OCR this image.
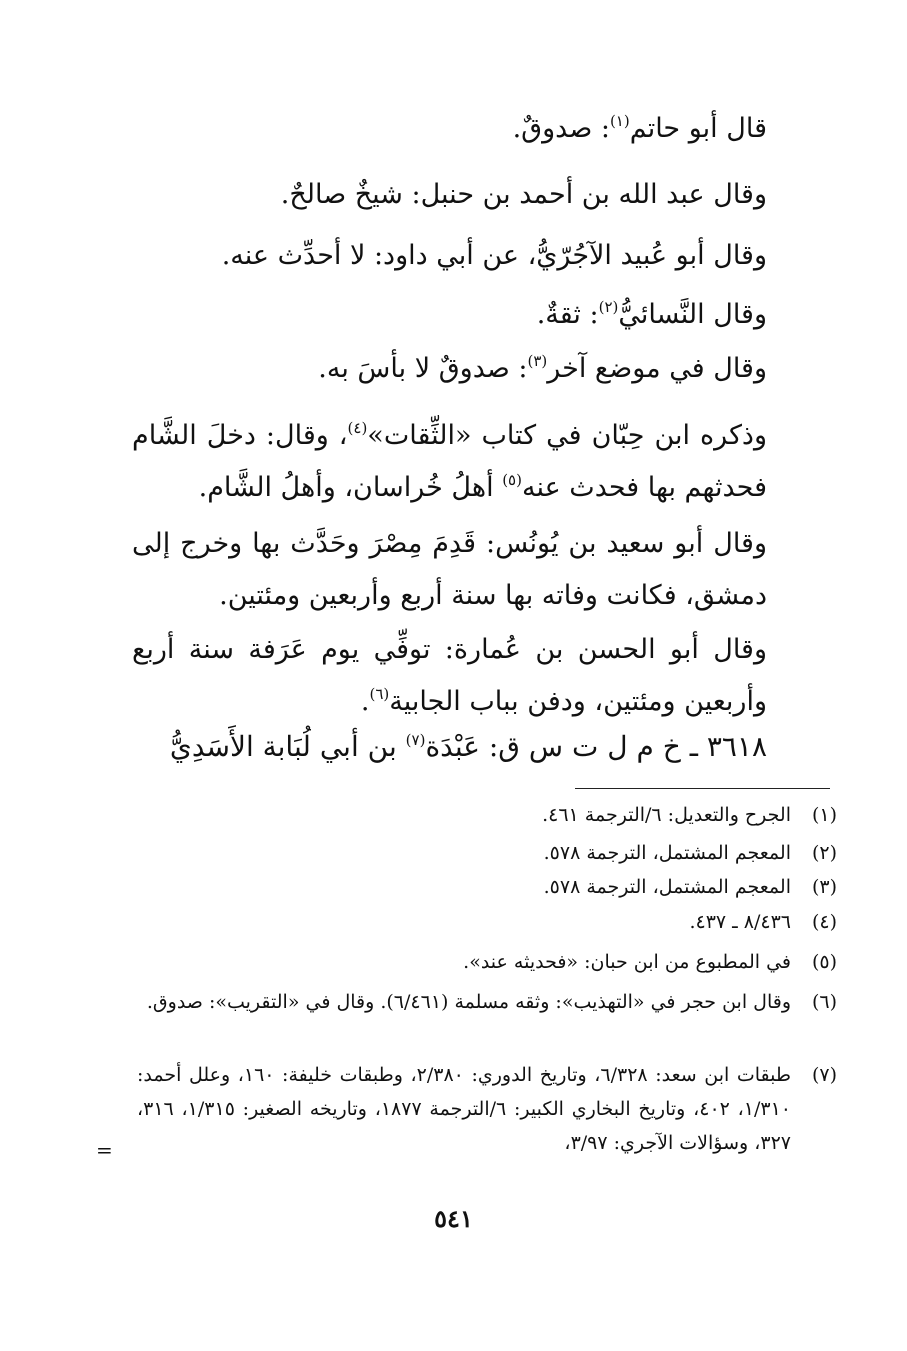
قال أبو حاتم$^{(١)}$: صدوقٌ.
وقال عبد الله بن أحمد بن حنبل: شيخٌ صالحٌ.
وقال أبو عُبيد الآجُرّيُّ، عن أبي داود: لا أحدِّث عنه.
وقال النَّسائيُّ$^{(٢)}$: ثقةٌ.
وقال في موضع آخر$^{(٣)}$: صدوقٌ لا بأسَ به.
وذكره ابن حِبّان في كتاب «الثِّقات»$^{(٤)}$، وقال: دخلَ الشَّام فحدثهم بها فحدث عنه$^{(٥)}$ أهلُ خُراسان، وأهلُ الشَّام.
وقال أبو سعيد بن يُونُس: قَدِمَ مِصْرَ وحَدَّث بها وخرج إلى دمشق، فكانت وفاته بها سنة أربع وأربعين ومئتين.
وقال أبو الحسن بن عُمارة: توفِّي يوم عَرَفة سنة أربع وأربعين ومئتين، ودفن بباب الجابية$^{(٦)}$.
٣٦١٨ ـ خ م ل ت س ق: عَبْدَة$^{(٧)}$ بن أبي لُبَابة الأَسَدِيُّ
(١)
الجرح والتعديل: ٦/الترجمة ٤٦١.
(٢)
المعجم المشتمل، الترجمة ٥٧٨.
(٣)
المعجم المشتمل، الترجمة ٥٧٨.
(٤)
٨/٤٣٦ ـ ٤٣٧.
(٥)
في المطبوع من ابن حبان: «فحديثه عند».
(٦)
وقال ابن حجر في «التهذيب»: وثقه مسلمة (٦/٤٦١). وقال في «التقريب»: صدوق.
(٧)
طبقات ابن سعد: ٦/٣٢٨، وتاريخ الدوري: ٢/٣٨٠، وطبقات خليفة: ١٦٠، وعلل أحمد: ١/٣١٠، ٤٠٢، وتاريخ البخاري الكبير: ٦/الترجمة ١٨٧٧، وتاريخه الصغير: ١/٣١٥، ٣١٦، ٣٢٧، وسؤالات الآجري: ٣/٩٧،
=
٥٤١
